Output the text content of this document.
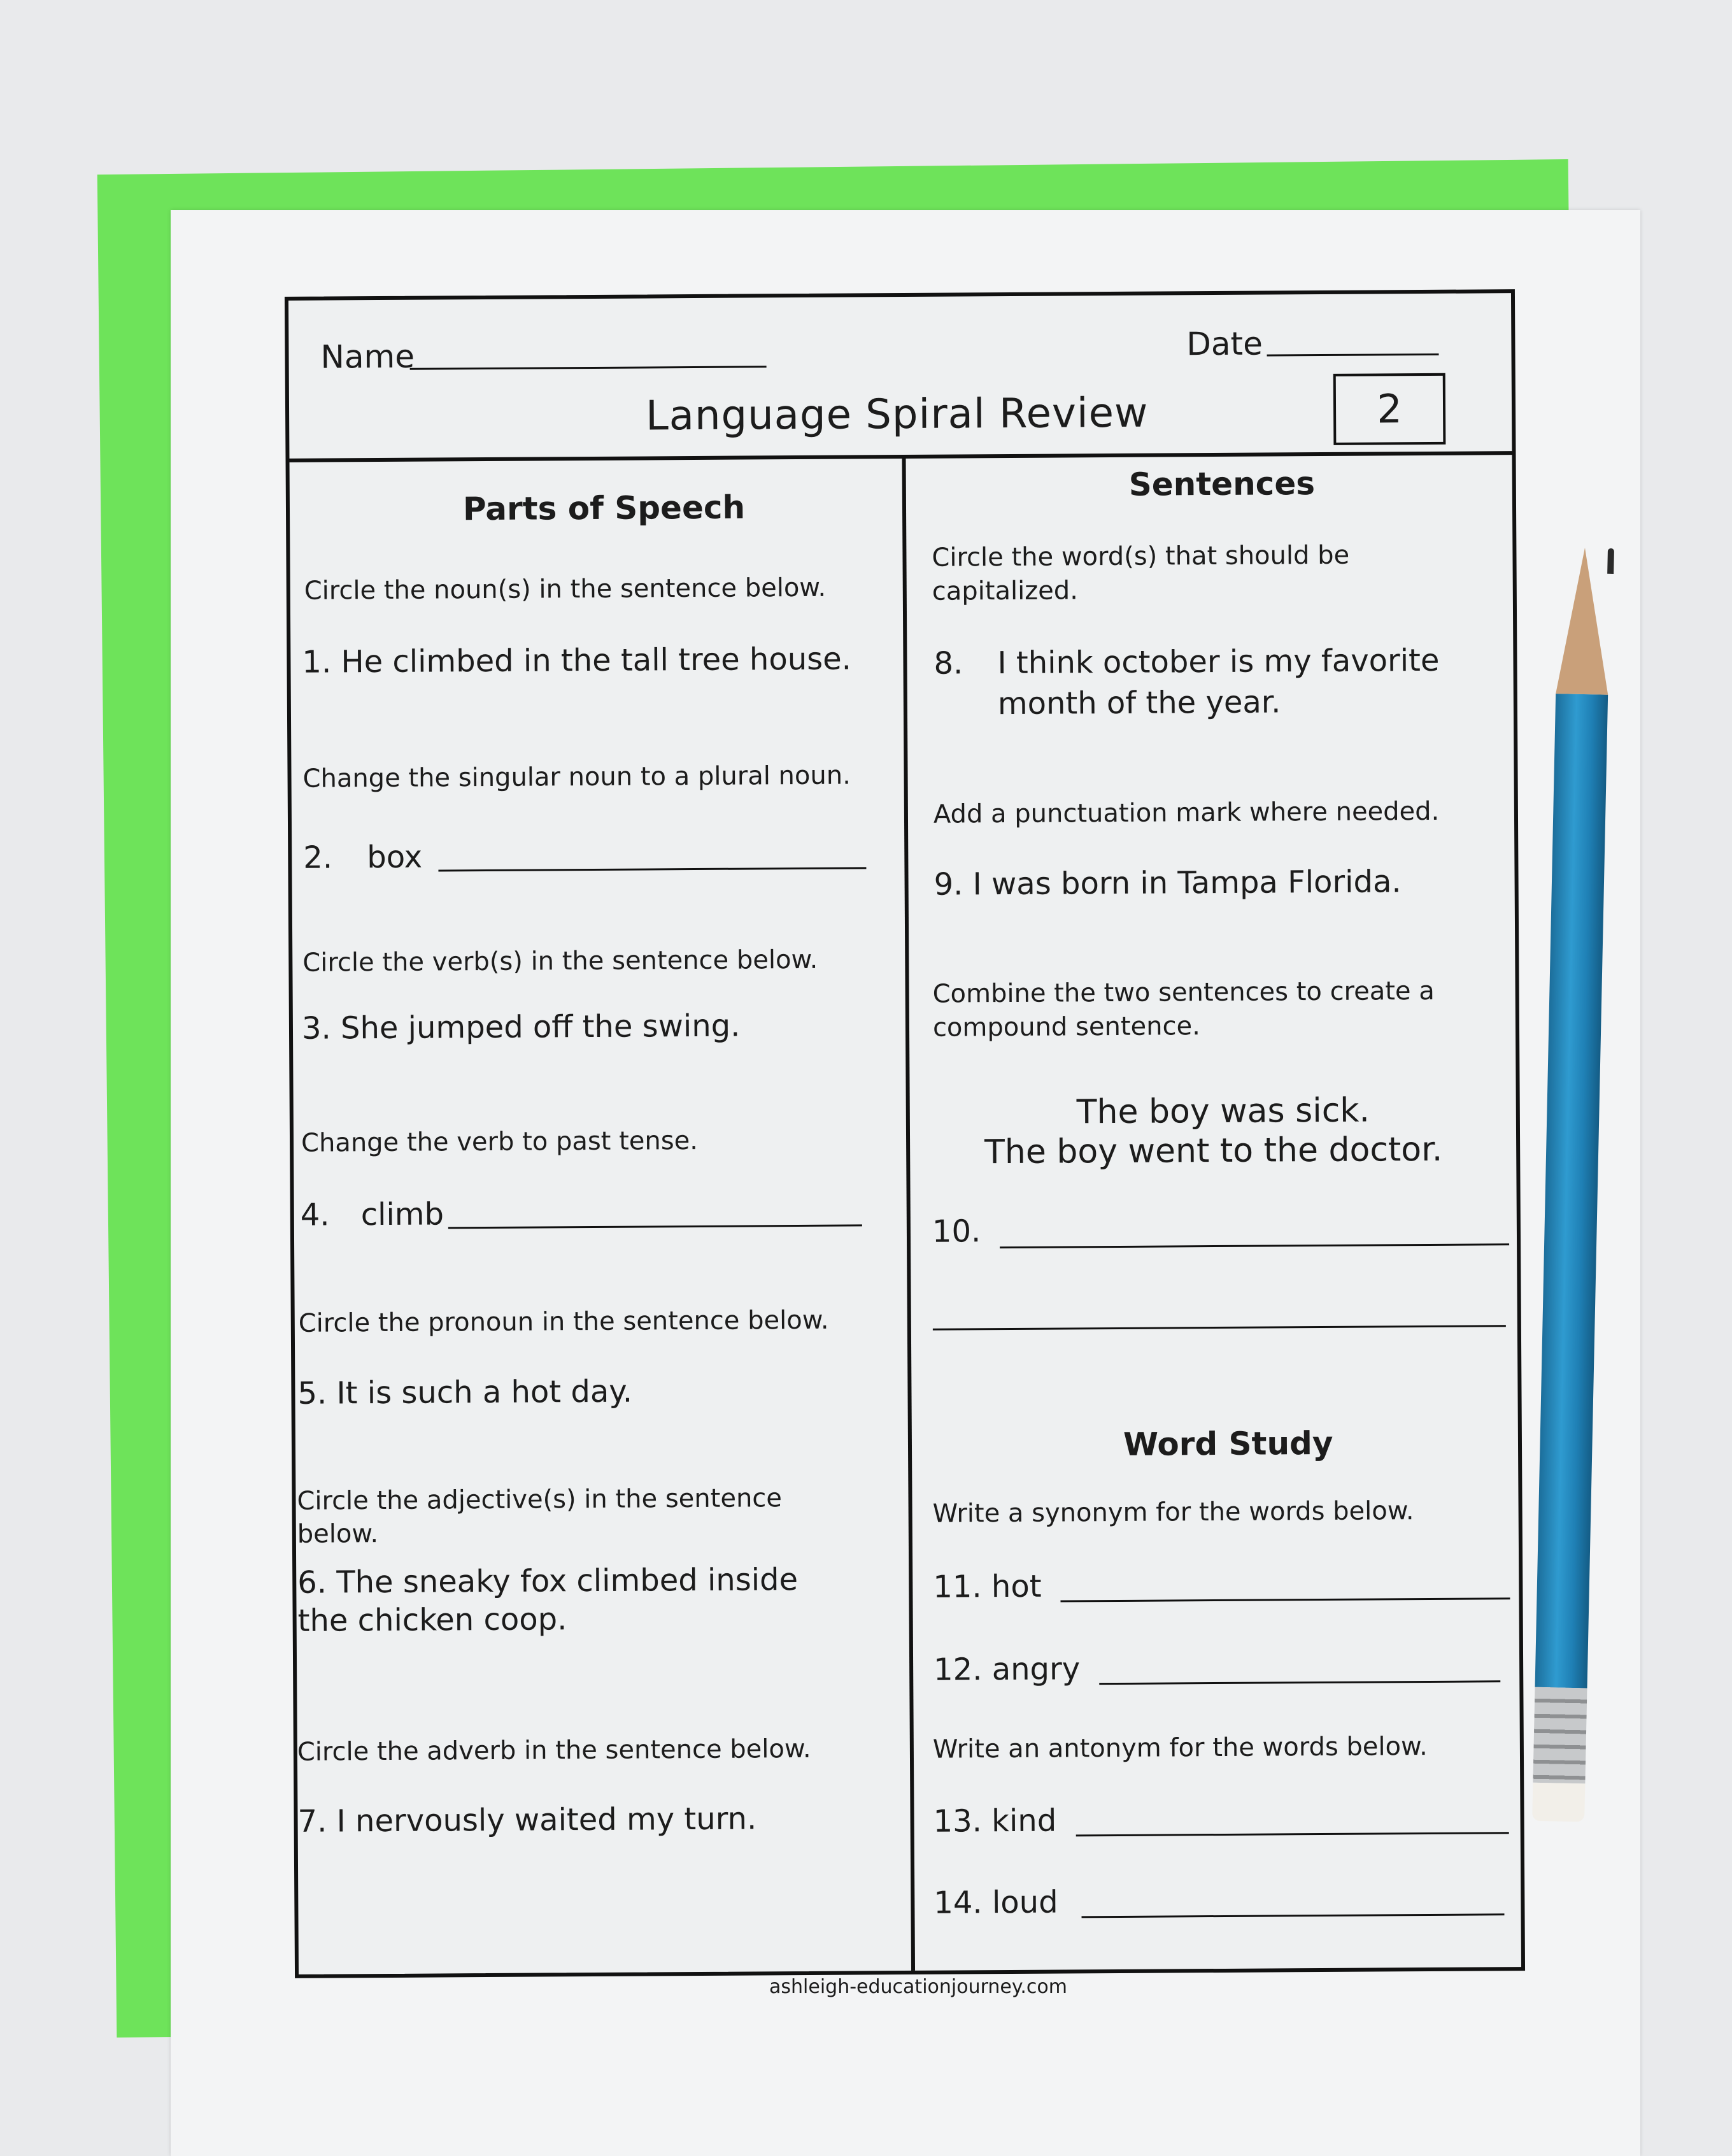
Name	Date
Language Spiral Review	2
Parts of Speech
Circle the noun(s) in the sentence below.
1. He climbed in the tall tree house.
Change the singular noun to a plural noun.
2. box
Circle the verb(s) in the sentence below.
3. She jumped off the swing.
Change the verb to past tense.
4. climb
Circle the pronoun in the sentence below.
5. It is such a hot day.
Circle the adjective(s) in the sentence
below.
6. The sneaky fox climbed inside
the chicken coop.
Circle the adverb in the sentence below.
7. I nervously waited my turn.
Sentences
Circle the word(s) that should be
capitalized.
8. I think october is my favorite
month of the year.
Add a punctuation mark where needed.
9. I was born in Tampa Florida.
Combine the two sentences to create a
compound sentence.
The boy was sick.
The boy went to the doctor.
10.
Word Study
Write a synonym for the words below.
11. hot
12. angry
Write an antonym for the words below.
13. kind
14. loud
ashleigh-educationjourney.com
